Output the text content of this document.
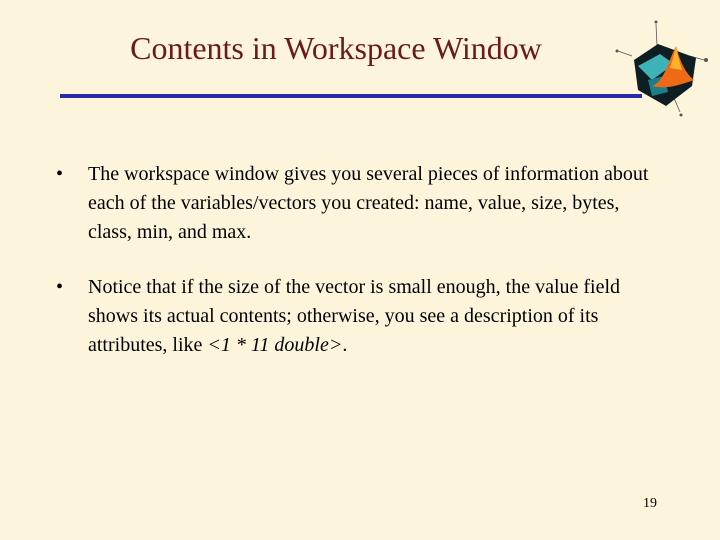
Contents in Workspace Window
• The workspace window gives you several pieces of information about each of the variables/vectors you created: name, value, size, bytes, class, min, and max.
• Notice that if the size of the vector is small enough, the value field shows its actual contents; otherwise, you see a description of its attributes, like <1 * 11 double>.
19
